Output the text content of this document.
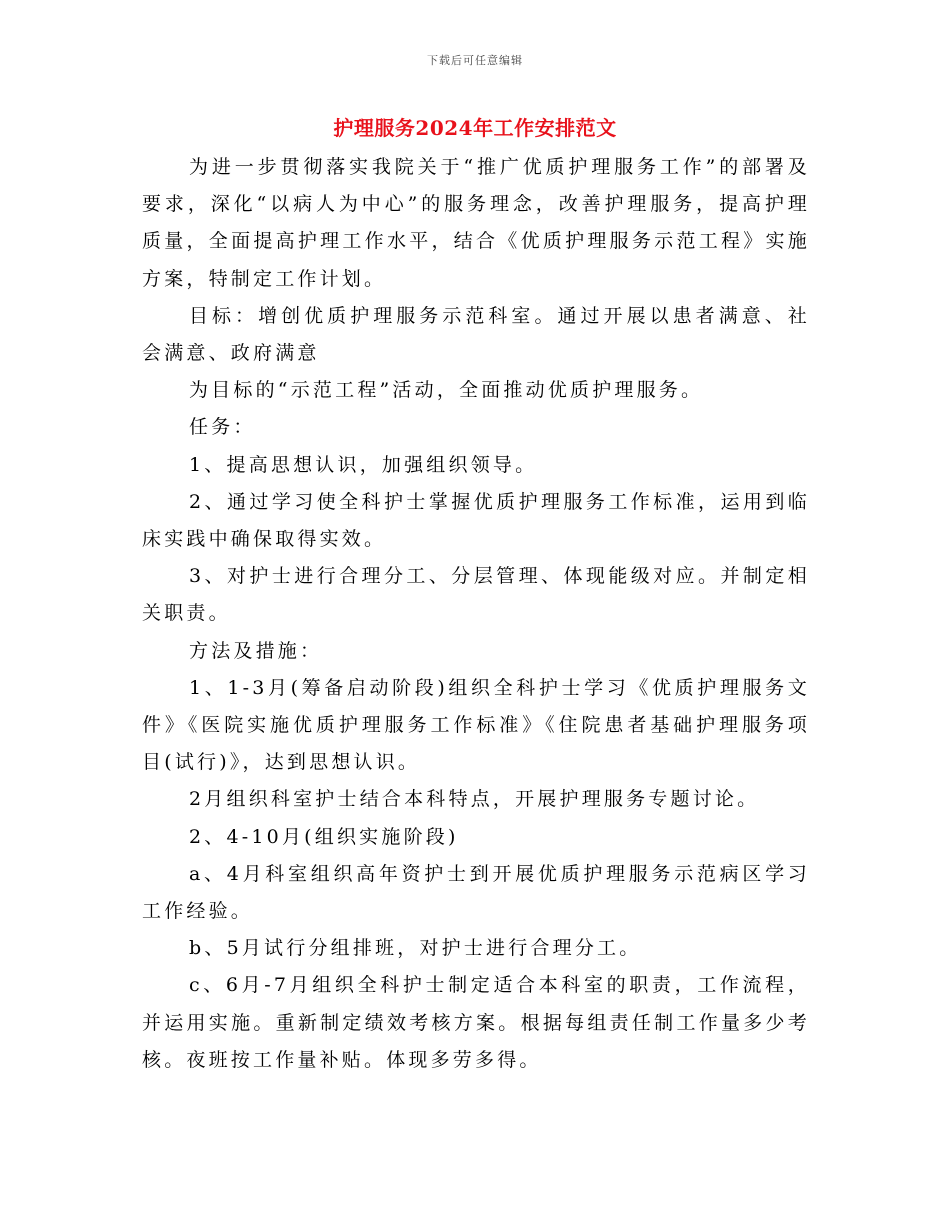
下载后可任意编辑
护理服务2024年工作安排范文

为进一步贯彻落实我院关于“推广优质护理服务工作”的部署及要求，深化“以病人为中心”的服务理念，改善护理服务，提高护理质量，全面提高护理工作水平，结合《优质护理服务示范工程》实施方案，特制定工作计划。

目标：增创优质护理服务示范科室。通过开展以患者满意、社会满意、政府满意

为目标的“示范工程”活动，全面推动优质护理服务。

任务：

1、提高思想认识，加强组织领导。

2、通过学习使全科护士掌握优质护理服务工作标准，运用到临床实践中确保取得实效。

3、对护士进行合理分工、分层管理、体现能级对应。并制定相关职责。

方法及措施：

1、1-3月(筹备启动阶段)组织全科护士学习《优质护理服务文件》《医院实施优质护理服务工作标准》《住院患者基础护理服务项目(试行)》，达到思想认识。

2月组织科室护士结合本科特点，开展护理服务专题讨论。

2、4-10月(组织实施阶段)

a、4月科室组织高年资护士到开展优质护理服务示范病区学习工作经验。

b、5月试行分组排班，对护士进行合理分工。

c、6月-7月组织全科护士制定适合本科室的职责，工作流程，并运用实施。重新制定绩效考核方案。根据每组责任制工作量多少考核。夜班按工作量补贴。体现多劳多得。
